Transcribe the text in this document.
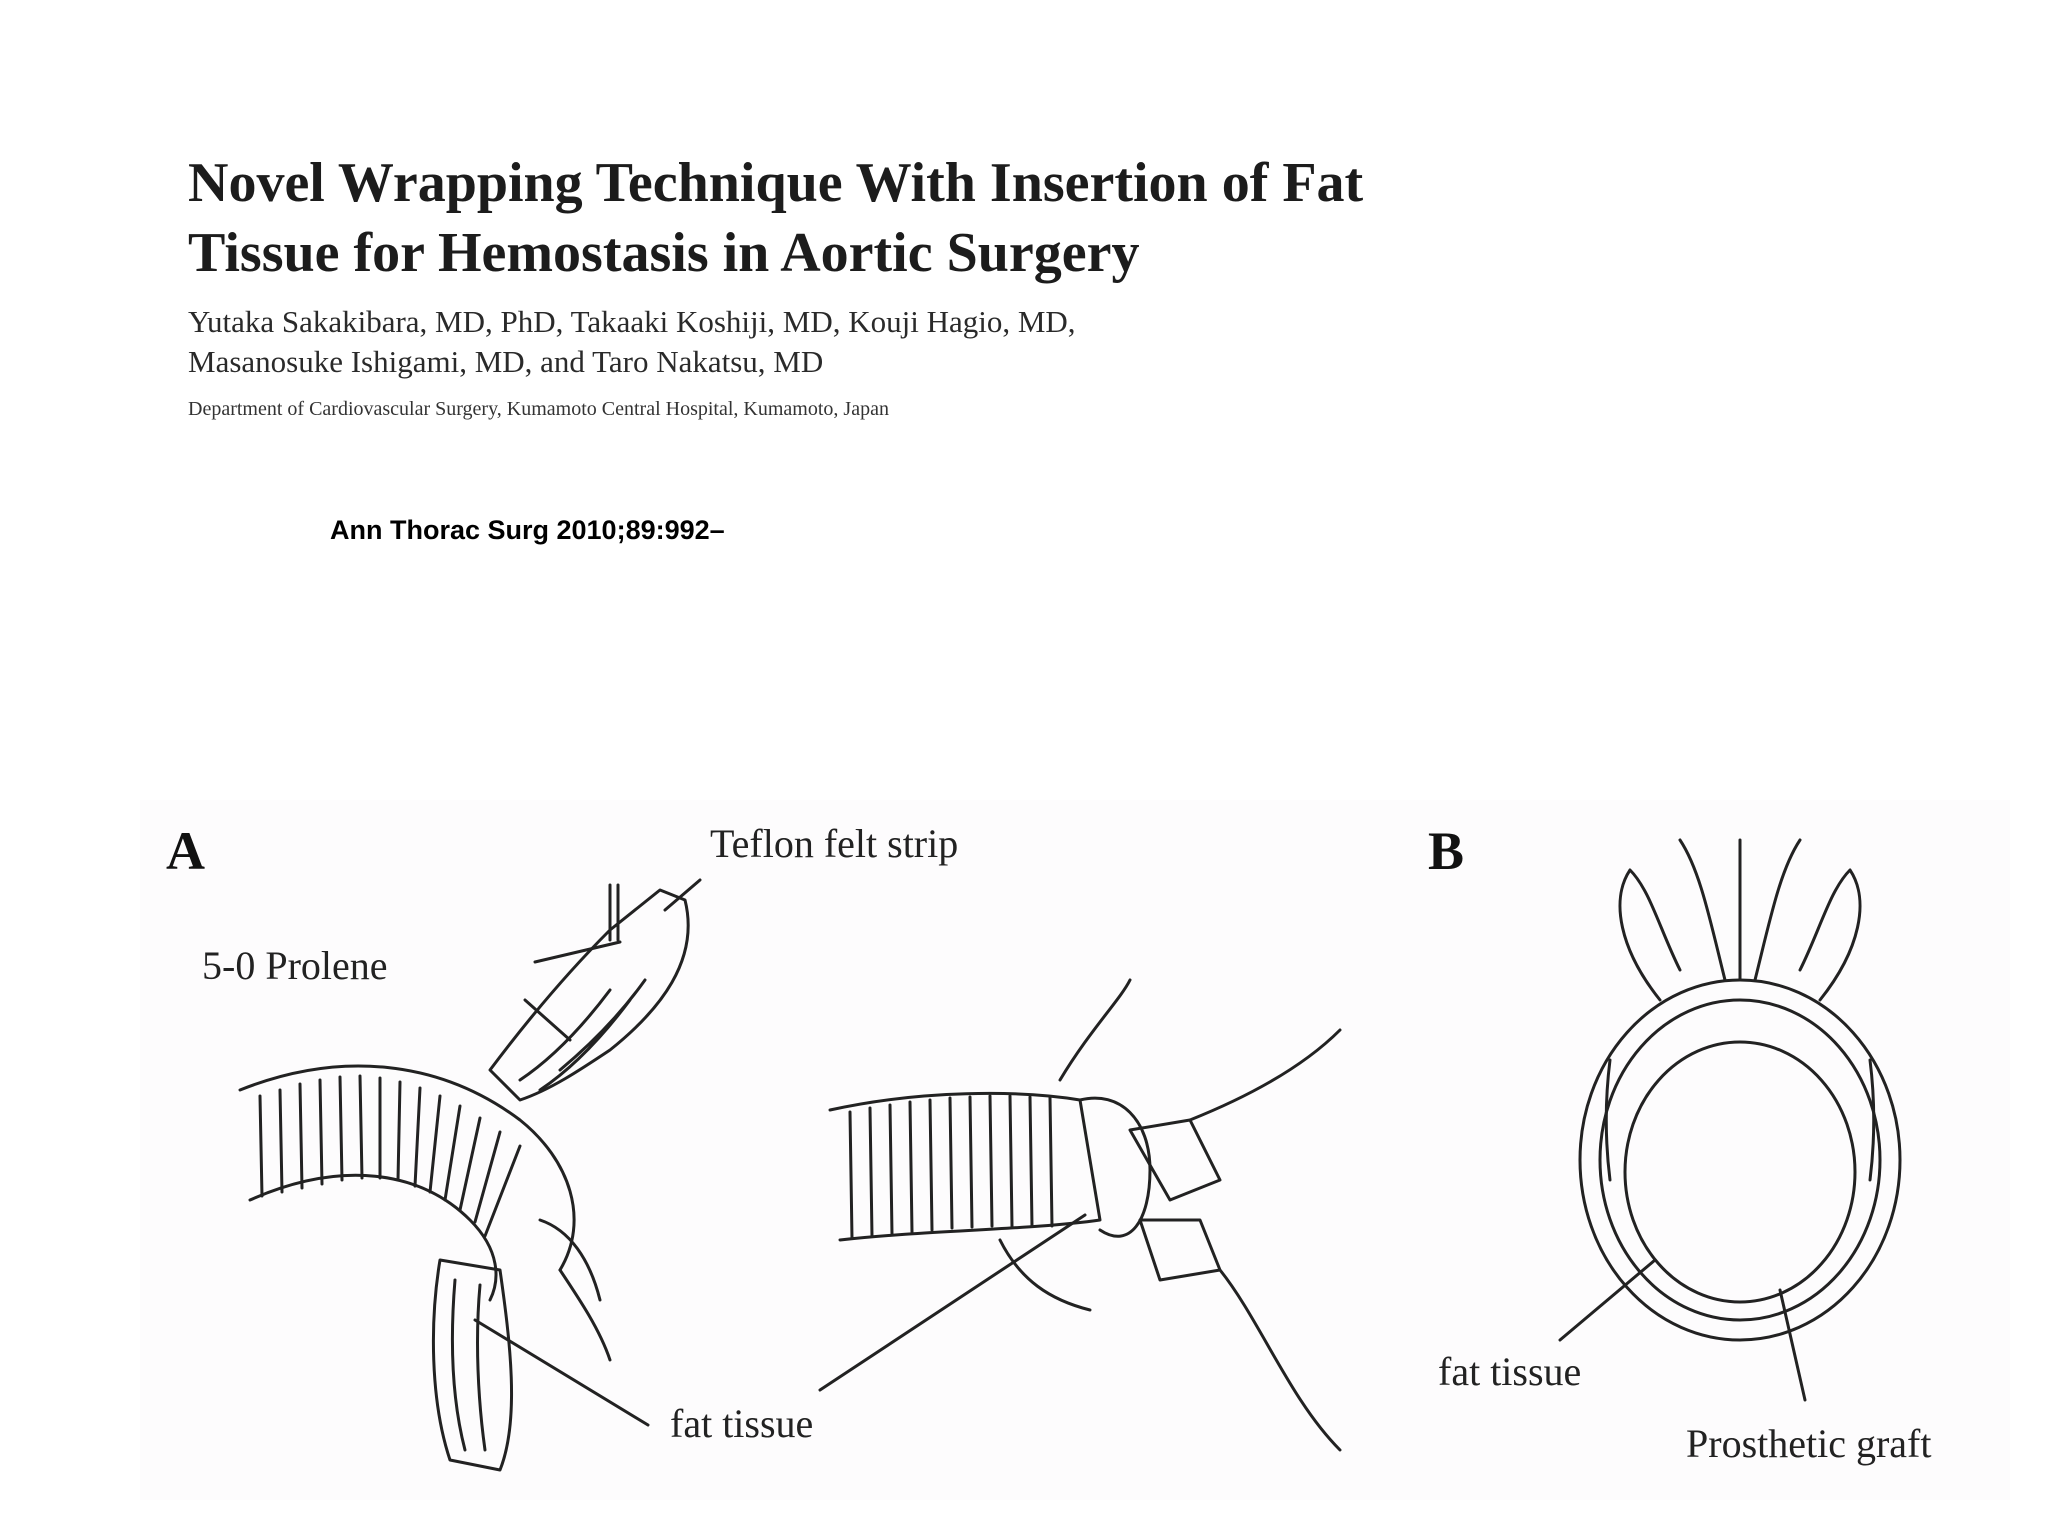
Novel Wrapping Technique With Insertion of Fat
Tissue for Hemostasis in Aortic Surgery
Yutaka Sakakibara, MD, PhD, Takaaki Koshiji, MD, Kouji Hagio, MD,
Masanosuke Ishigami, MD, and Taro Nakatsu, MD
Department of Cardiovascular Surgery, Kumamoto Central Hospital, Kumamoto, Japan
Ann Thorac Surg 2010;89:992–
A	Teflon felt strip
5-0 Prolene
fat tissue
B
fat tissue
Prosthetic graft
